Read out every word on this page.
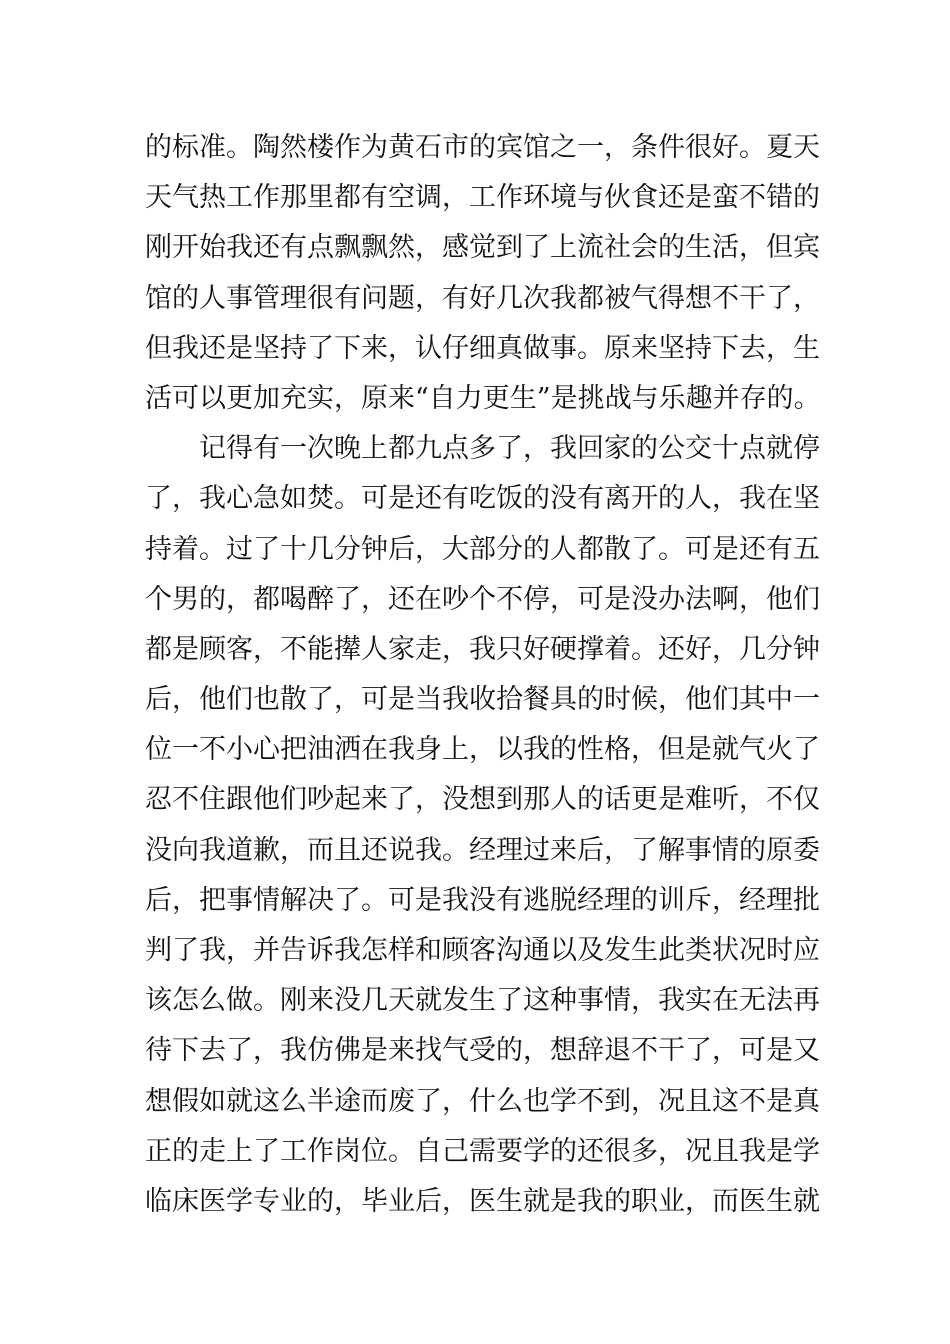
的标准。陶然楼作为黄石市的宾馆之一，条件很好。夏天
天气热工作那里都有空调，工作环境与伙食还是蛮不错的
刚开始我还有点飘飘然，感觉到了上流社会的生活，但宾
馆的人事管理很有问题，有好几次我都被气得想不干了，
但我还是坚持了下来，认仔细真做事。原来坚持下去，生
活可以更加充实，原来“自力更生”是挑战与乐趣并存的。
记得有一次晚上都九点多了，我回家的公交十点就停
了，我心急如焚。可是还有吃饭的没有离开的人，我在坚
持着。过了十几分钟后，大部分的人都散了。可是还有五
个男的，都喝醉了，还在吵个不停，可是没办法啊，他们
都是顾客，不能撵人家走，我只好硬撑着。还好，几分钟
后，他们也散了，可是当我收拾餐具的时候，他们其中一
位一不小心把油洒在我身上，以我的性格，但是就气火了
忍不住跟他们吵起来了，没想到那人的话更是难听，不仅
没向我道歉，而且还说我。经理过来后，了解事情的原委
后，把事情解决了。可是我没有逃脱经理的训斥，经理批
判了我，并告诉我怎样和顾客沟通以及发生此类状况时应
该怎么做。刚来没几天就发生了这种事情，我实在无法再
待下去了，我仿佛是来找气受的，想辞退不干了，可是又
想假如就这么半途而废了，什么也学不到，况且这不是真
正的走上了工作岗位。自己需要学的还很多，况且我是学
临床医学专业的，毕业后，医生就是我的职业，而医生就
